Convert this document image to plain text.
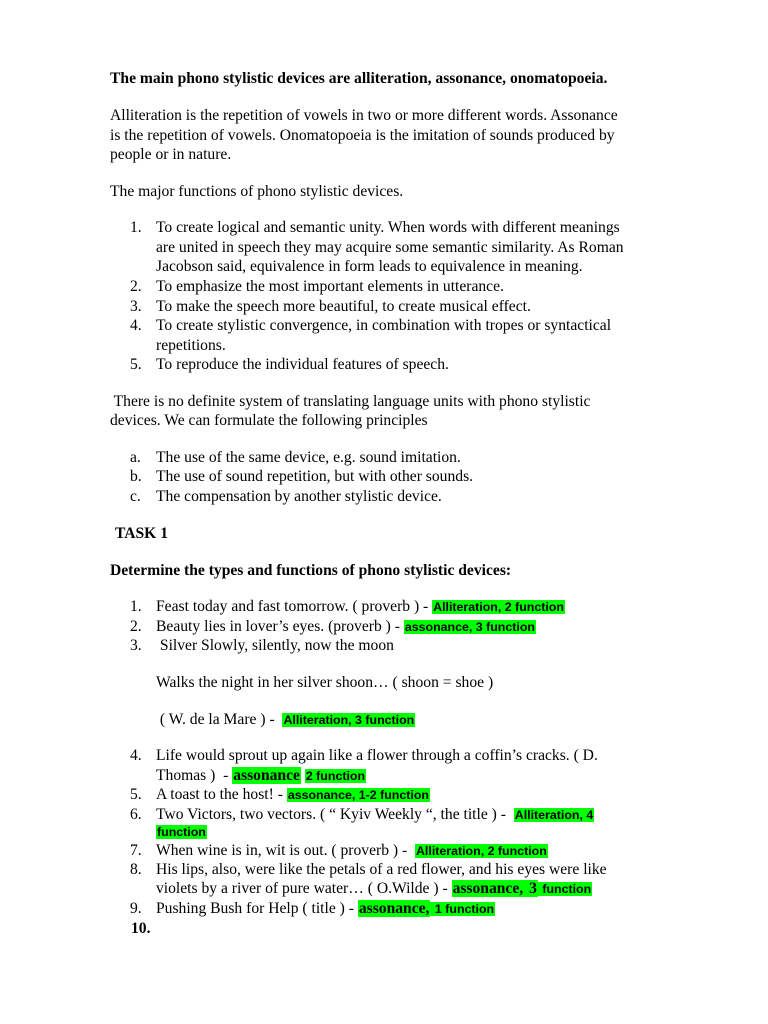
The main phono stylistic devices are alliteration, assonance, onomatopoeia.
Alliteration is the repetition of vowels in two or more different words. Assonance
is the repetition of vowels. Onomatopoeia is the imitation of sounds produced by
people or in nature.
The major functions of phono stylistic devices.
1. To create logical and semantic unity. When words with different meanings
are united in speech they may acquire some semantic similarity. As Roman
Jacobson said, equivalence in form leads to equivalence in meaning.
2. To emphasize the most important elements in utterance.
3. To make the speech more beautiful, to create musical effect.
4. To create stylistic convergence, in combination with tropes or syntactical
repetitions.
5. To reproduce the individual features of speech.
There is no definite system of translating language units with phono stylistic
devices. We can formulate the following principles
a. The use of the same device, e.g. sound imitation.
b. The use of sound repetition, but with other sounds.
c. The compensation by another stylistic device.
TASK 1
Determine the types and functions of phono stylistic devices:
1. Feast today and fast tomorrow. ( proverb ) - Alliteration, 2 function
2. Beauty lies in lover’s eyes. (proverb ) - assonance, 3 function
3. Silver Slowly, silently, now the moon
Walks the night in her silver shoon… ( shoon = shoe )
( W. de la Mare ) -  Alliteration, 3 function
4. Life would sprout up again like a flower through a coffin’s cracks. ( D.
Thomas )  - assonance 2 function
5. A toast to the host! - assonance, 1-2 function
6. Two Victors, two vectors. ( “ Kyiv Weekly “, the title ) -  Alliteration, 4
function
7. When wine is in, wit is out. ( proverb ) -  Alliteration, 2 function
8. His lips, also, were like the petals of a red flower, and his eyes were like
violets by a river of pure water… ( O.Wilde ) - assonance, 3 function
9. Pushing Bush for Help ( title ) - assonance, 1 function
10.
